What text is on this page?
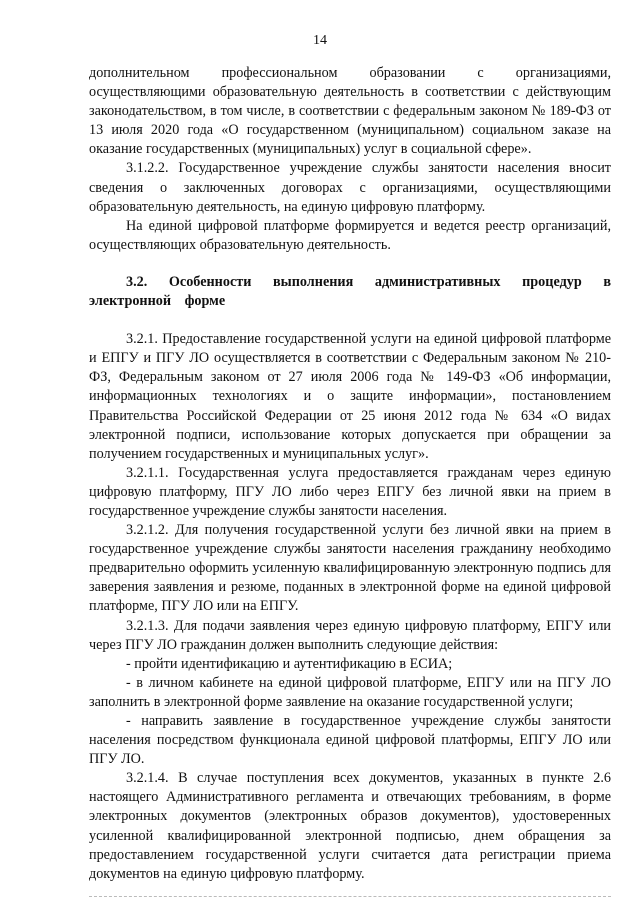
14

дополнительном профессиональном образовании с организациями, осуществляющими образовательную деятельность в соответствии с действующим законодательством, в том числе, в соответствии с федеральным законом № 189-ФЗ от 13 июля 2020 года «О государственном (муниципальном) социальном заказе на оказание государственных (муниципальных) услуг в социальной сфере».

3.1.2.2. Государственное учреждение службы занятости населения вносит сведения о заключенных договорах с организациями, осуществляющими образовательную деятельность, на единую цифровую платформу.

На единой цифровой платформе формируется и ведется реестр организаций, осуществляющих образовательную деятельность.

3.2. Особенности выполнения административных процедур в электронной форме

3.2.1. Предоставление государственной услуги на единой цифровой платформе и ЕПГУ и ПГУ ЛО осуществляется в соответствии с Федеральным законом № 210-ФЗ, Федеральным законом от 27 июля 2006 года № 149-ФЗ «Об информации, информационных технологиях и о защите информации», постановлением Правительства Российской Федерации от 25 июня 2012 года № 634 «О видах электронной подписи, использование которых допускается при обращении за получением государственных и муниципальных услуг».

3.2.1.1. Государственная услуга предоставляется гражданам через единую цифровую платформу, ПГУ ЛО либо через ЕПГУ без личной явки на прием в государственное учреждение службы занятости населения.

3.2.1.2. Для получения государственной услуги без личной явки на прием в государственное учреждение службы занятости населения гражданину необходимо предварительно оформить усиленную квалифицированную электронную подпись для заверения заявления и резюме, поданных в электронной форме на единой цифровой платформе, ПГУ ЛО или на ЕПГУ.

3.2.1.3. Для подачи заявления через единую цифровую платформу, ЕПГУ или через ПГУ ЛО гражданин должен выполнить следующие действия:

- пройти идентификацию и аутентификацию в ЕСИА;

- в личном кабинете на единой цифровой платформе, ЕПГУ или на ПГУ ЛО заполнить в электронной форме заявление на оказание государственной услуги;

- направить заявление в государственное учреждение службы занятости населения посредством функционала единой цифровой платформы, ЕПГУ ЛО или ПГУ ЛО.

3.2.1.4. В случае поступления всех документов, указанных в пункте 2.6 настоящего Административного регламента и отвечающих требованиям, в форме электронных документов (электронных образов документов), удостоверенных усиленной квалифицированной электронной подписью, днем обращения за предоставлением государственной услуги считается дата регистрации приема документов на единую цифровую платформу.
